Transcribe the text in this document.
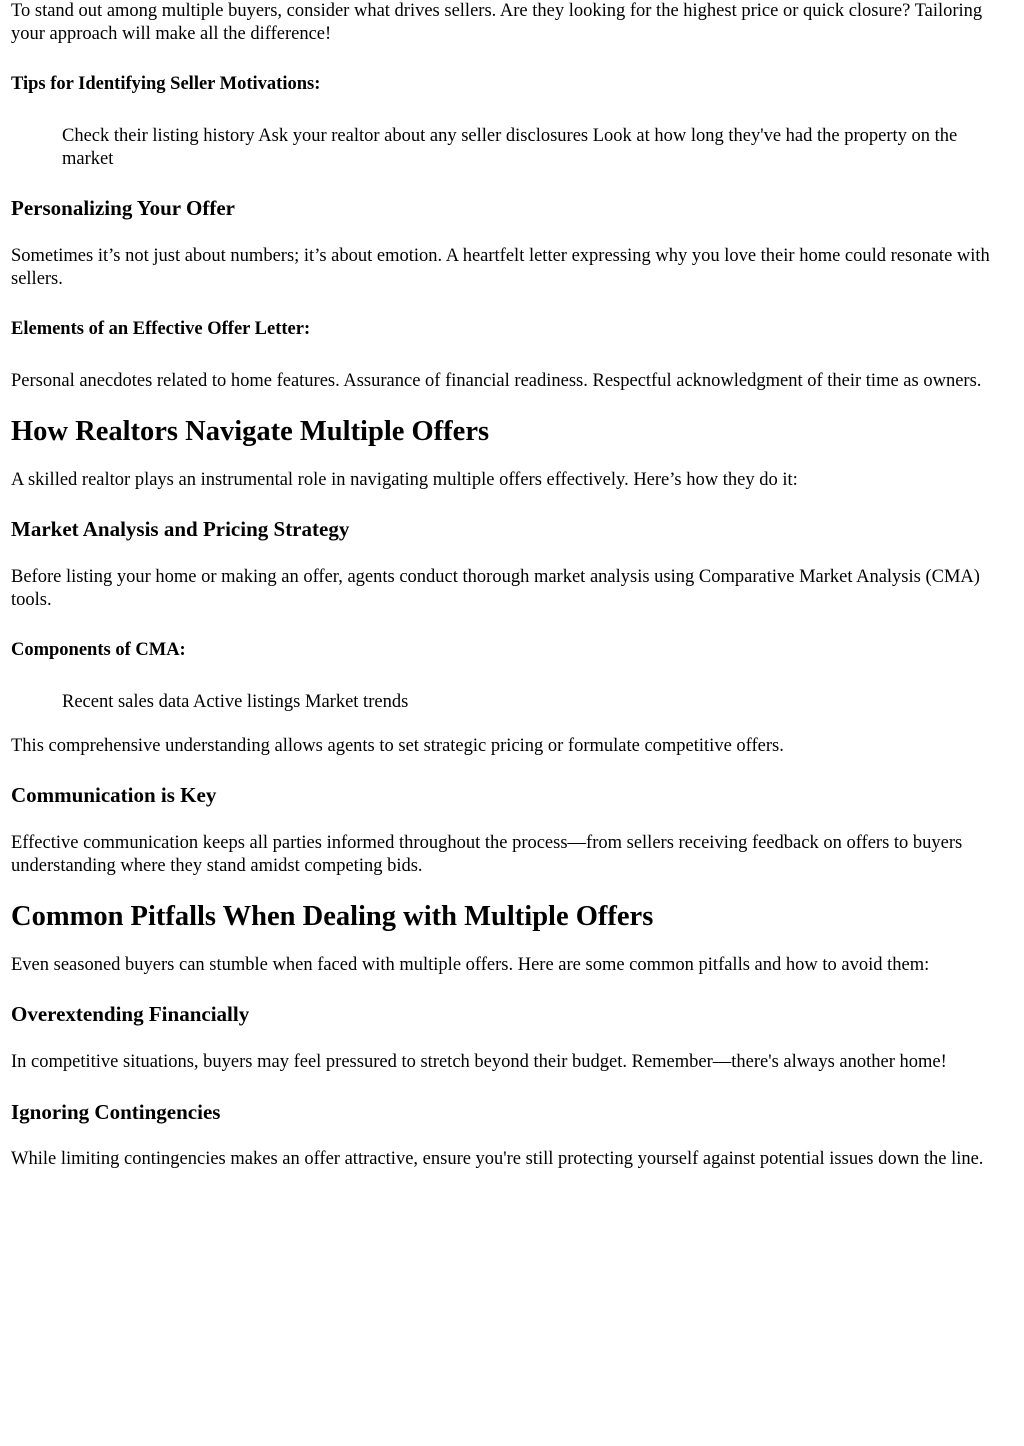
To stand out among multiple buyers, consider what drives sellers. Are they looking for the highest price or quick closure? Tailoring your approach will make all the difference!

Tips for Identifying Seller Motivations:

Check their listing history Ask your realtor about any seller disclosures Look at how long they've had the property on the market

Personalizing Your Offer

Sometimes it’s not just about numbers; it’s about emotion. A heartfelt letter expressing why you love their home could resonate with sellers.

Elements of an Effective Offer Letter:

Personal anecdotes related to home features. Assurance of financial readiness. Respectful acknowledgment of their time as owners.

How Realtors Navigate Multiple Offers

A skilled realtor plays an instrumental role in navigating multiple offers effectively. Here’s how they do it:

Market Analysis and Pricing Strategy

Before listing your home or making an offer, agents conduct thorough market analysis using Comparative Market Analysis (CMA) tools.

Components of CMA:

Recent sales data Active listings Market trends

This comprehensive understanding allows agents to set strategic pricing or formulate competitive offers.

Communication is Key

Effective communication keeps all parties informed throughout the process—from sellers receiving feedback on offers to buyers understanding where they stand amidst competing bids.

Common Pitfalls When Dealing with Multiple Offers

Even seasoned buyers can stumble when faced with multiple offers. Here are some common pitfalls and how to avoid them:

Overextending Financially

In competitive situations, buyers may feel pressured to stretch beyond their budget. Remember—there's always another home!

Ignoring Contingencies

While limiting contingencies makes an offer attractive, ensure you're still protecting yourself against potential issues down the line.
